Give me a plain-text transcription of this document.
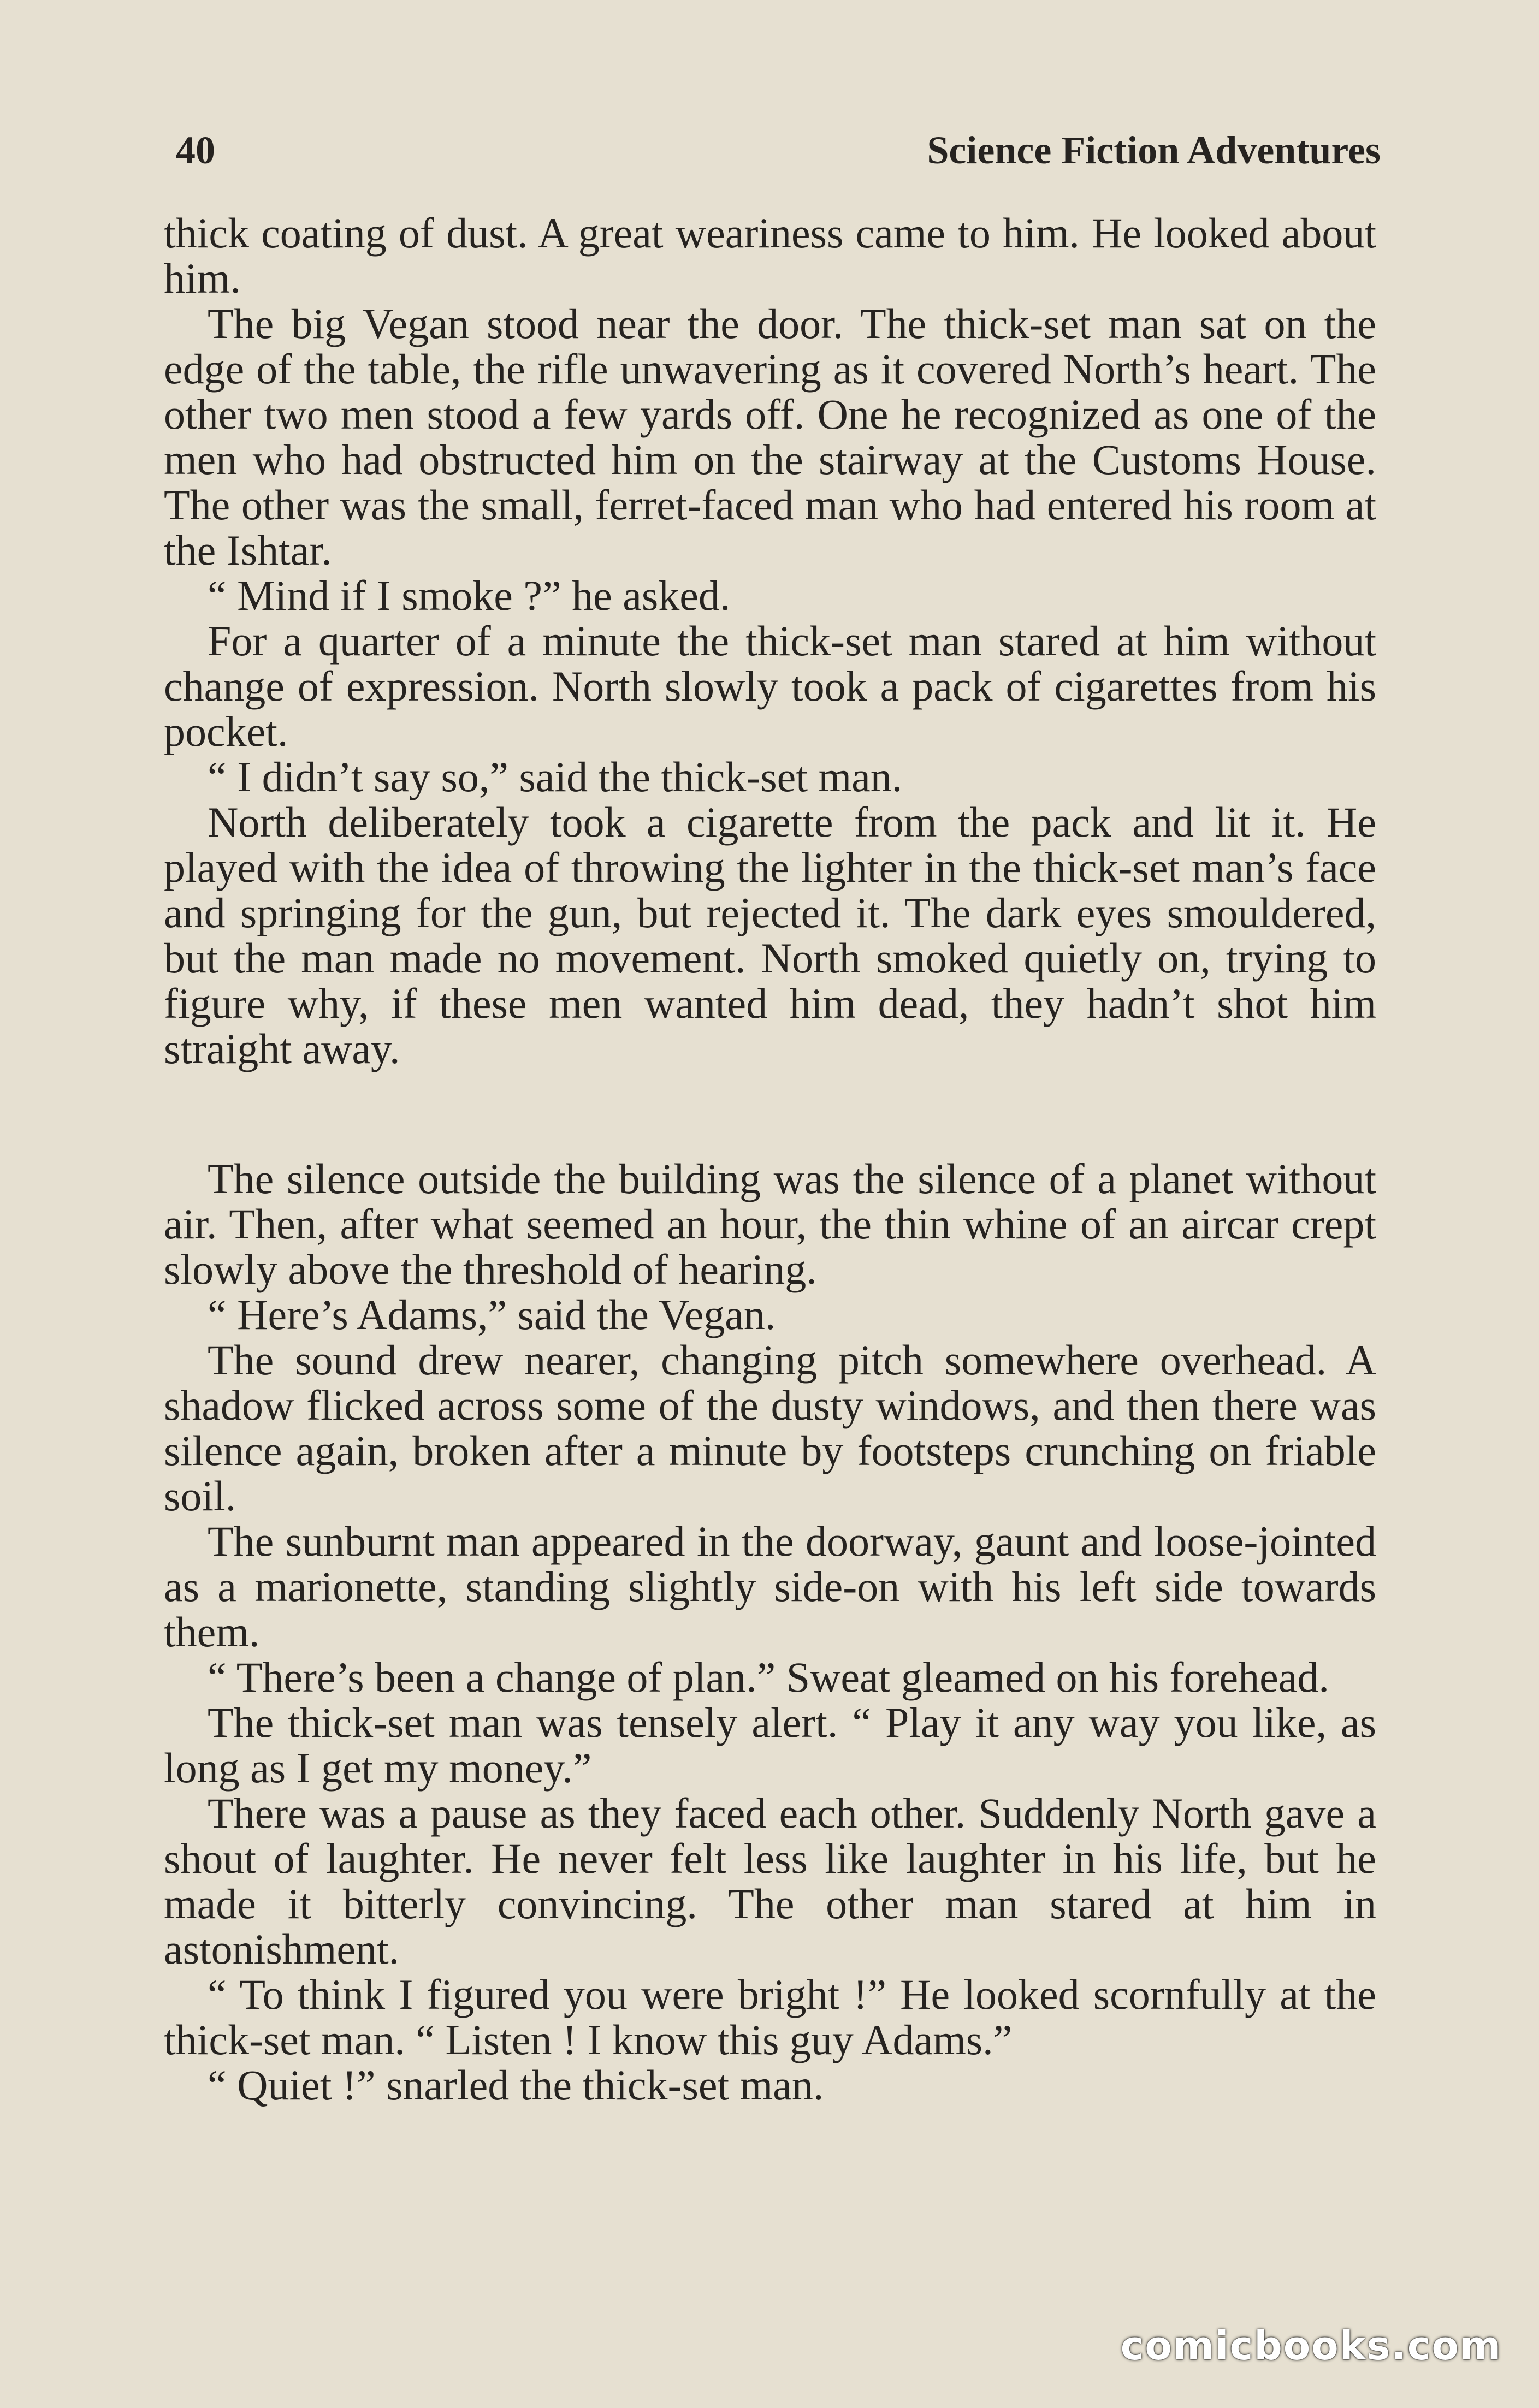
40	Science Fiction Adventures

thick coating of dust. A great weariness came to him. He looked about him.

The big Vegan stood near the door. The thick-set man sat on the edge of the table, the rifle unwavering as it covered North’s heart. The other two men stood a few yards off. One he recognized as one of the men who had obstructed him on the stairway at the Customs House. The other was the small, ferret-faced man who had entered his room at the Ishtar.

“ Mind if I smoke ?” he asked.

For a quarter of a minute the thick-set man stared at him without change of expression. North slowly took a pack of cigarettes from his pocket.

“ I didn’t say so,” said the thick-set man.

North deliberately took a cigarette from the pack and lit it. He played with the idea of throwing the lighter in the thick-set man’s face and springing for the gun, but rejected it. The dark eyes smouldered, but the man made no movement. North smoked quietly on, trying to figure why, if these men wanted him dead, they hadn’t shot him straight away.

The silence outside the building was the silence of a planet without air. Then, after what seemed an hour, the thin whine of an aircar crept slowly above the threshold of hearing.

“ Here’s Adams,” said the Vegan.

The sound drew nearer, changing pitch somewhere overhead. A shadow flicked across some of the dusty windows, and then there was silence again, broken after a minute by footsteps crunching on friable soil.

The sunburnt man appeared in the doorway, gaunt and loose-jointed as a marionette, standing slightly side-on with his left side towards them.

“ There’s been a change of plan.” Sweat gleamed on his forehead.

The thick-set man was tensely alert. “ Play it any way you like, as long as I get my money.”

There was a pause as they faced each other. Suddenly North gave a shout of laughter. He never felt less like laughter in his life, but he made it bitterly convincing. The other man stared at him in astonishment.

“ To think I figured you were bright !” He looked scornfully at the thick-set man. “ Listen ! I know this guy Adams.”

“ Quiet !” snarled the thick-set man.

comicbooks.com
